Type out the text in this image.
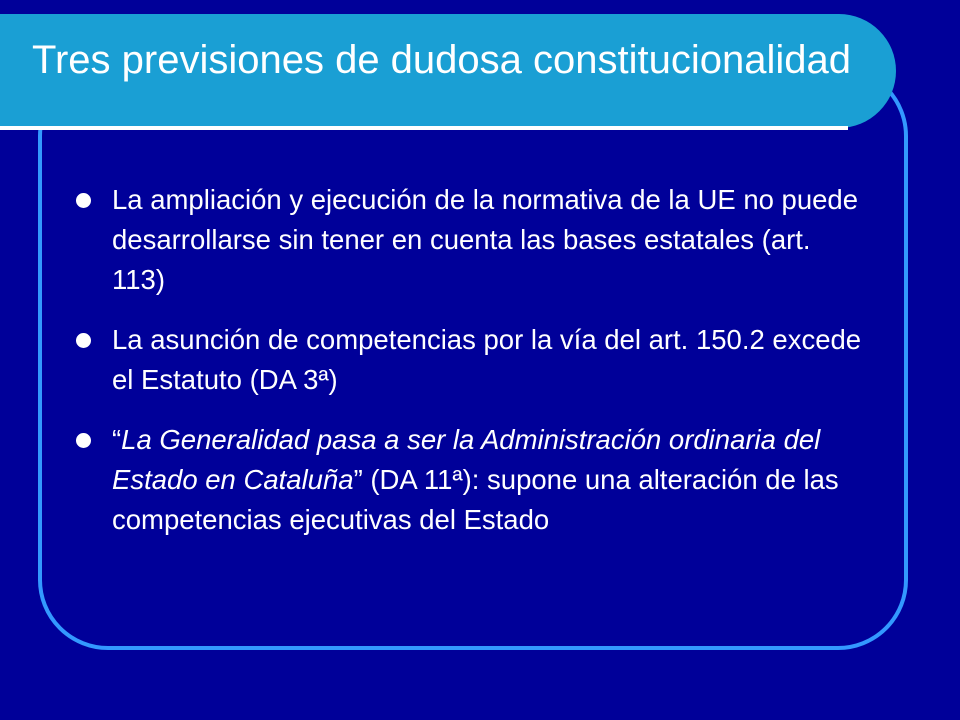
Tres previsiones de dudosa constitucionalidad
La ampliación y ejecución de la normativa de la UE no puede desarrollarse sin tener en cuenta las bases estatales (art. 113)
La asunción de competencias por la vía del art. 150.2 excede el Estatuto (DA 3ª)
“La Generalidad pasa a ser la Administración ordinaria del Estado en Cataluña” (DA 11ª): supone una alteración de las competencias ejecutivas del Estado
